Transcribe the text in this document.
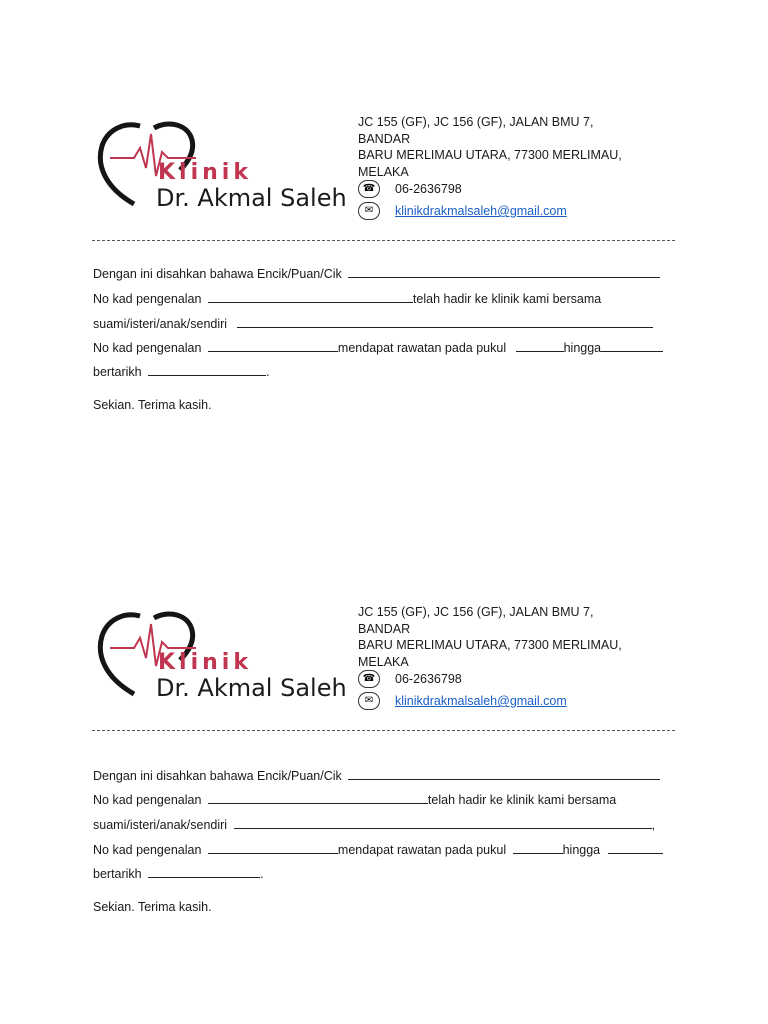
Klinik
Dr. Akmal Saleh
JC 155 (GF), JC 156 (GF), JALAN BMU 7, BANDAR
BARU MERLIMAU UTARA, 77300 MERLIMAU,
MELAKA
☎	06-2636798
✉	klinikdrakmalsaleh@gmail.com
Dengan ini disahkan bahawa Encik/Puan/Cik
No kad pengenalan	telah hadir ke klinik kami bersama
suami/isteri/anak/sendiri
No kad pengenalan	mendapat rawatan pada pukul	hingga
bertarikh	.
Sekian. Terima kasih.
Klinik
Dr. Akmal Saleh
JC 155 (GF), JC 156 (GF), JALAN BMU 7, BANDAR
BARU MERLIMAU UTARA, 77300 MERLIMAU,
MELAKA
☎	06-2636798
✉	klinikdrakmalsaleh@gmail.com
Dengan ini disahkan bahawa Encik/Puan/Cik
No kad pengenalan	telah hadir ke klinik kami bersama
suami/isteri/anak/sendiri	,
No kad pengenalan	mendapat rawatan pada pukul	hingga
bertarikh	.
Sekian. Terima kasih.
